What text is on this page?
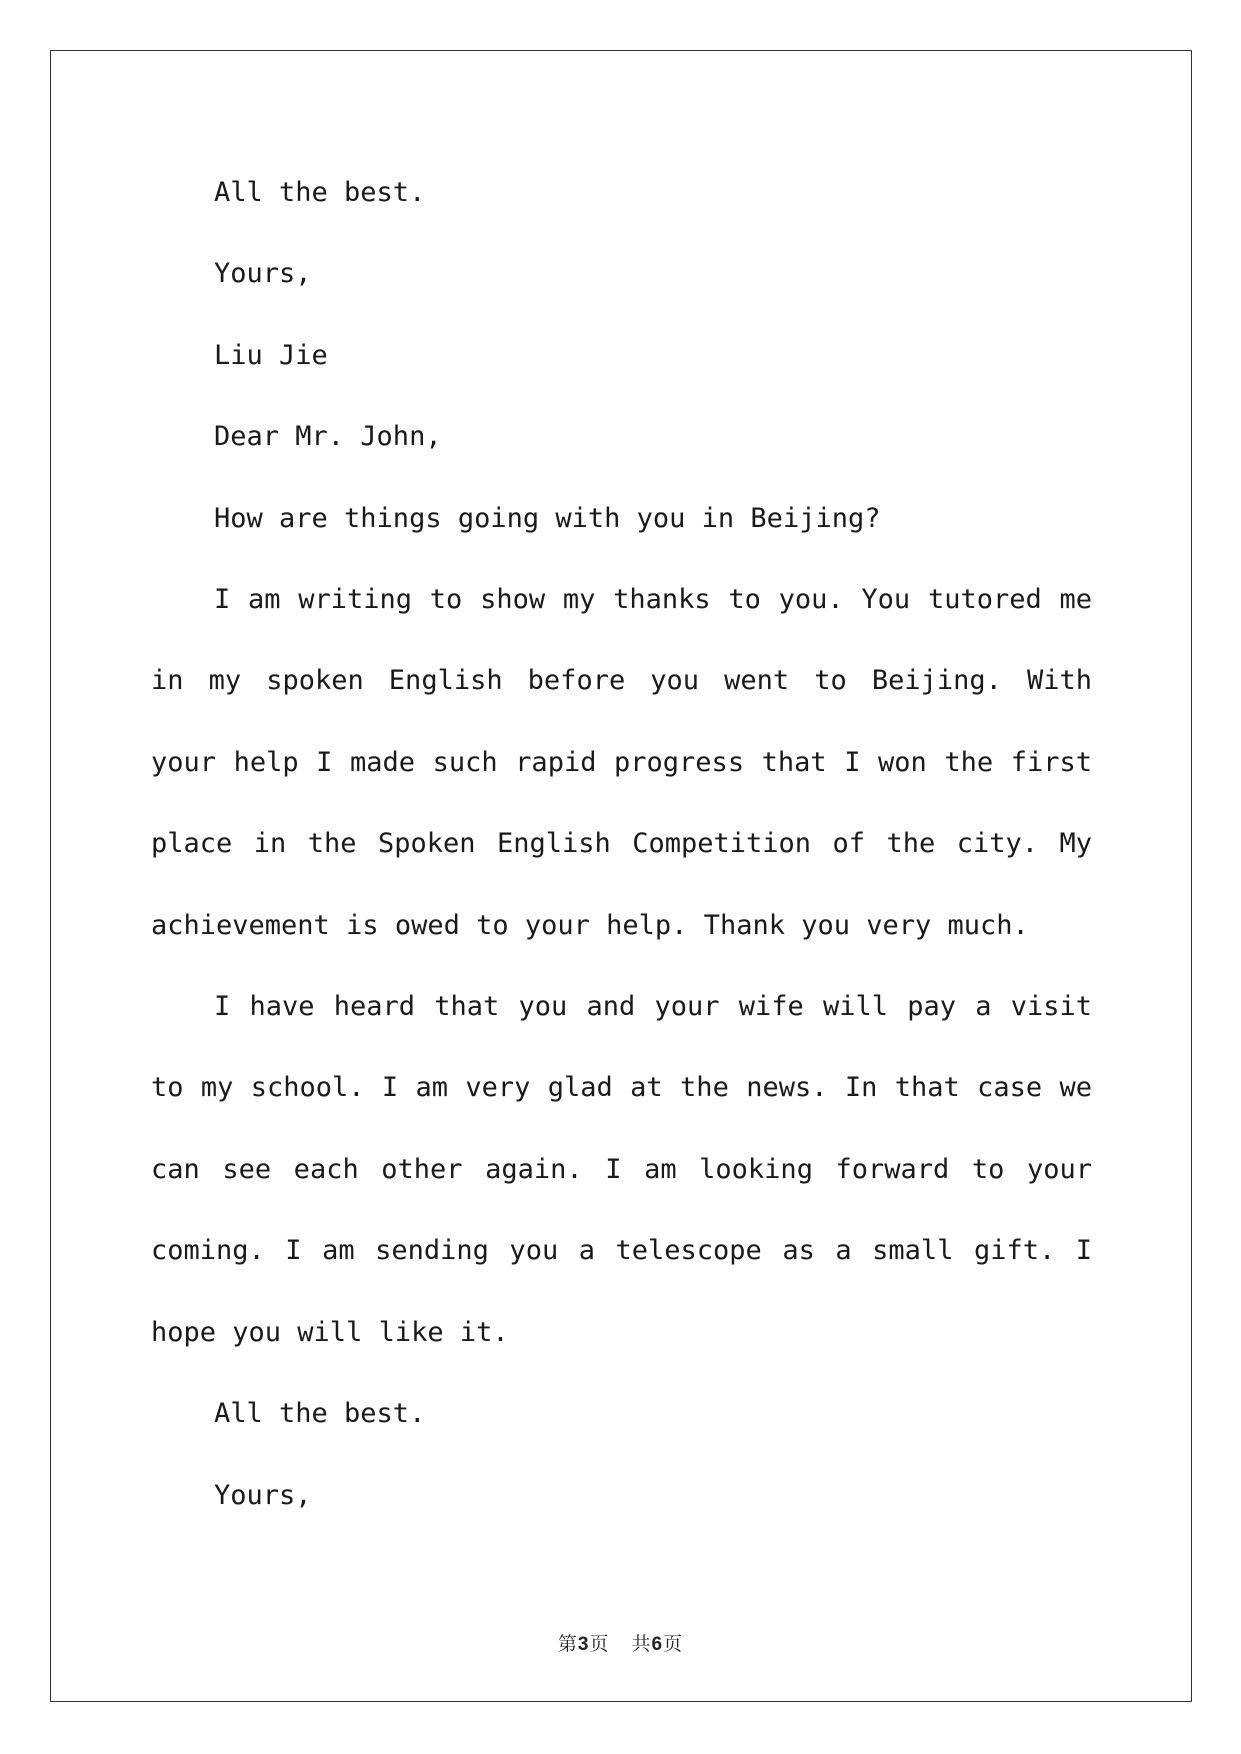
All the best.

Yours,

Liu Jie

Dear Mr. John,

How are things going with you in Beijing?

I am writing to show my thanks to you. You tutored me in my spoken English before you went to Beijing. With your help I made such rapid progress that I won the first place in the Spoken English Competition of the city. My achievement is owed to your help. Thank you very much.

I have heard that you and your wife will pay a visit to my school. I am very glad at the news. In that case we can see each other again. I am looking forward to your coming. I am sending you a telescope as a small gift. I hope you will like it.

All the best.

Yours,

第3页 共6页
